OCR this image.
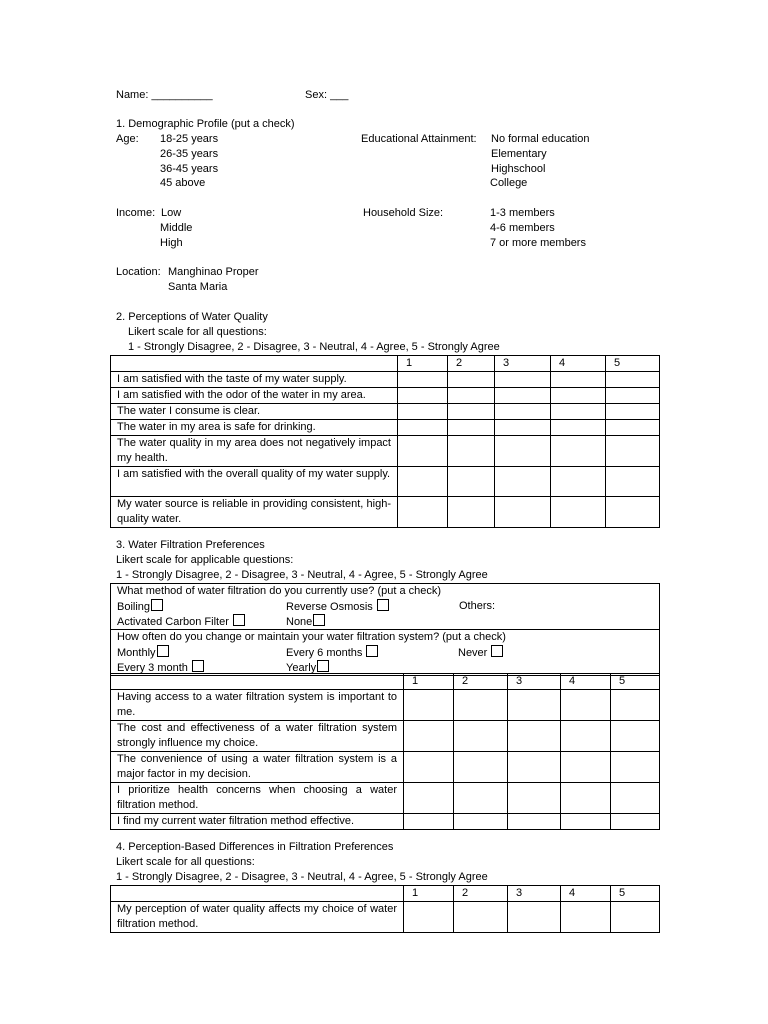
Name: __________	Sex: ___
1. Demographic Profile (put a check)
Age: 18-25 years
26-35 years
36-45 years
45 above
Educational Attainment: No formal education
Elementary
Highschool
College
Income: Low
Middle
High
Household Size:	1-3 members
4-6 members
7 or more members
Location: Manghinao Proper
Santa Maria
2. Perceptions of Water Quality
Likert scale for all questions:
1 - Strongly Disagree, 2 - Disagree, 3 - Neutral, 4 - Agree, 5 - Strongly Agree
	1	2	3	4	5
I am satisfied with the taste of my water supply.					
I am satisfied with the odor of the water in my area.					
The water I consume is clear.					
The water in my area is safe for drinking.					
The water quality in my area does not negatively impact my health.					
I am satisfied with the overall quality of my water supply.					
My water source is reliable in providing consistent, high-quality water.					
3. Water Filtration Preferences
Likert scale for applicable questions:
1 - Strongly Disagree, 2 - Disagree, 3 - Neutral, 4 - Agree, 5 - Strongly Agree
What method of water filtration do you currently use? (put a check)
Boiling	Reverse Osmosis	Others:
Activated Carbon Filter	None

How often do you change or maintain your water filtration system? (put a check)
Monthly	Every 6 months	Never
Every 3 month	Yearly
	1	2	3	4	5
Having access to a water filtration system is important to me.					
The cost and effectiveness of a water filtration system strongly influence my choice.					
The convenience of using a water filtration system is a major factor in my decision.					
I prioritize health concerns when choosing a water filtration method.					
I find my current water filtration method effective.					
4. Perception-Based Differences in Filtration Preferences
Likert scale for all questions:
1 - Strongly Disagree, 2 - Disagree, 3 - Neutral, 4 - Agree, 5 - Strongly Agree
	1	2	3	4	5
My perception of water quality affects my choice of water filtration method.					
